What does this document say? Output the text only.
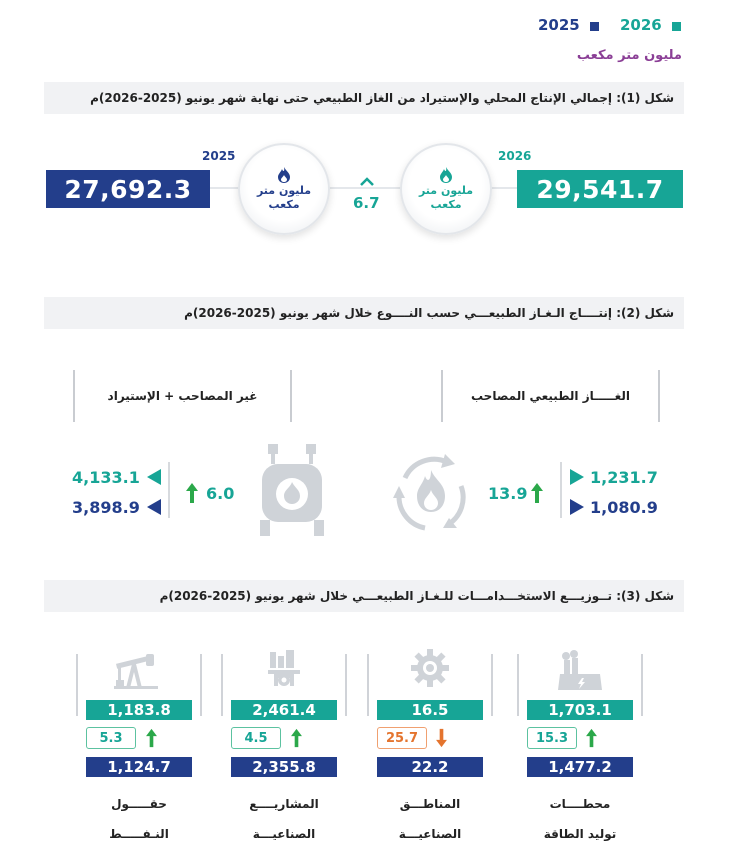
2026
2025
مليون متر مكعب
شكل (1): إجمالي الإنتاج المحلي والإستيراد من الغاز الطبيعي حتى نهاية شهر يونيو (2025-2026)م
2026
2025
29,541.7
27,692.3	مليون متر
مكعب
مليون متر
مكعب	6.7
شكل (2): إنتــــاج الـغـاز الطبيعـــي حسب النــــوع خلال شهر يونيو (2025-2026)م
الغـــــاز الطبيعي المصاحب
غير المصاحب + الإستيراد
1,231.7
1,080.9
13.9
4,133.1
3,898.9
6.0
شكل (3): تــوزيـــع الاستخـــدامـــات للـغـاز الطبيعـــي خلال شهر يونيو (2025-2026)م
1,703.1
15.3
1,477.2
محطــــات
توليد الطاقة
16.5
25.7
22.2
المناطـــق
الصناعيـــة
2,461.4
4.5
2,355.8
المشاريــــع
الصناعيـــة
1,183.8
5.3
1,124.7
حقـــــول
النـفـــــط
